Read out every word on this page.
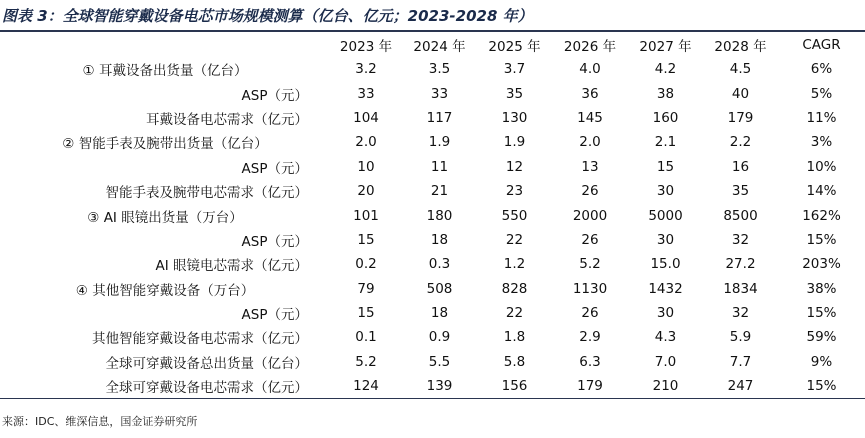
图表 3：全球智能穿戴设备电芯市场规模测算（亿台、亿元；2023-2028 年）
	2023 年	2024 年	2025 年	2026 年	2027 年	2028 年	CAGR
① 耳戴设备出货量（亿台）	3.2	3.5	3.7	4.0	4.2	4.5	6%
ASP（元）	33	33	35	36	38	40	5%
耳戴设备电芯需求（亿元）	104	117	130	145	160	179	11%
② 智能手表及腕带出货量（亿台）	2.0	1.9	1.9	2.0	2.1	2.2	3%
ASP（元）	10	11	12	13	15	16	10%
智能手表及腕带电芯需求（亿元）	20	21	23	26	30	35	14%
③ AI 眼镜出货量（万台）	101	180	550	2000	5000	8500	162%
ASP（元）	15	18	22	26	30	32	15%
AI 眼镜电芯需求（亿元）	0.2	0.3	1.2	5.2	15.0	27.2	203%
④ 其他智能穿戴设备（万台）	79	508	828	1130	1432	1834	38%
ASP（元）	15	18	22	26	30	32	15%
其他智能穿戴设备电芯需求（亿元）	0.1	0.9	1.8	2.9	4.3	5.9	59%
全球可穿戴设备总出货量（亿台）	5.2	5.5	5.8	6.3	7.0	7.7	9%
全球可穿戴设备电芯需求（亿元）	124	139	156	179	210	247	15%
来源：IDC、维深信息，国金证券研究所
